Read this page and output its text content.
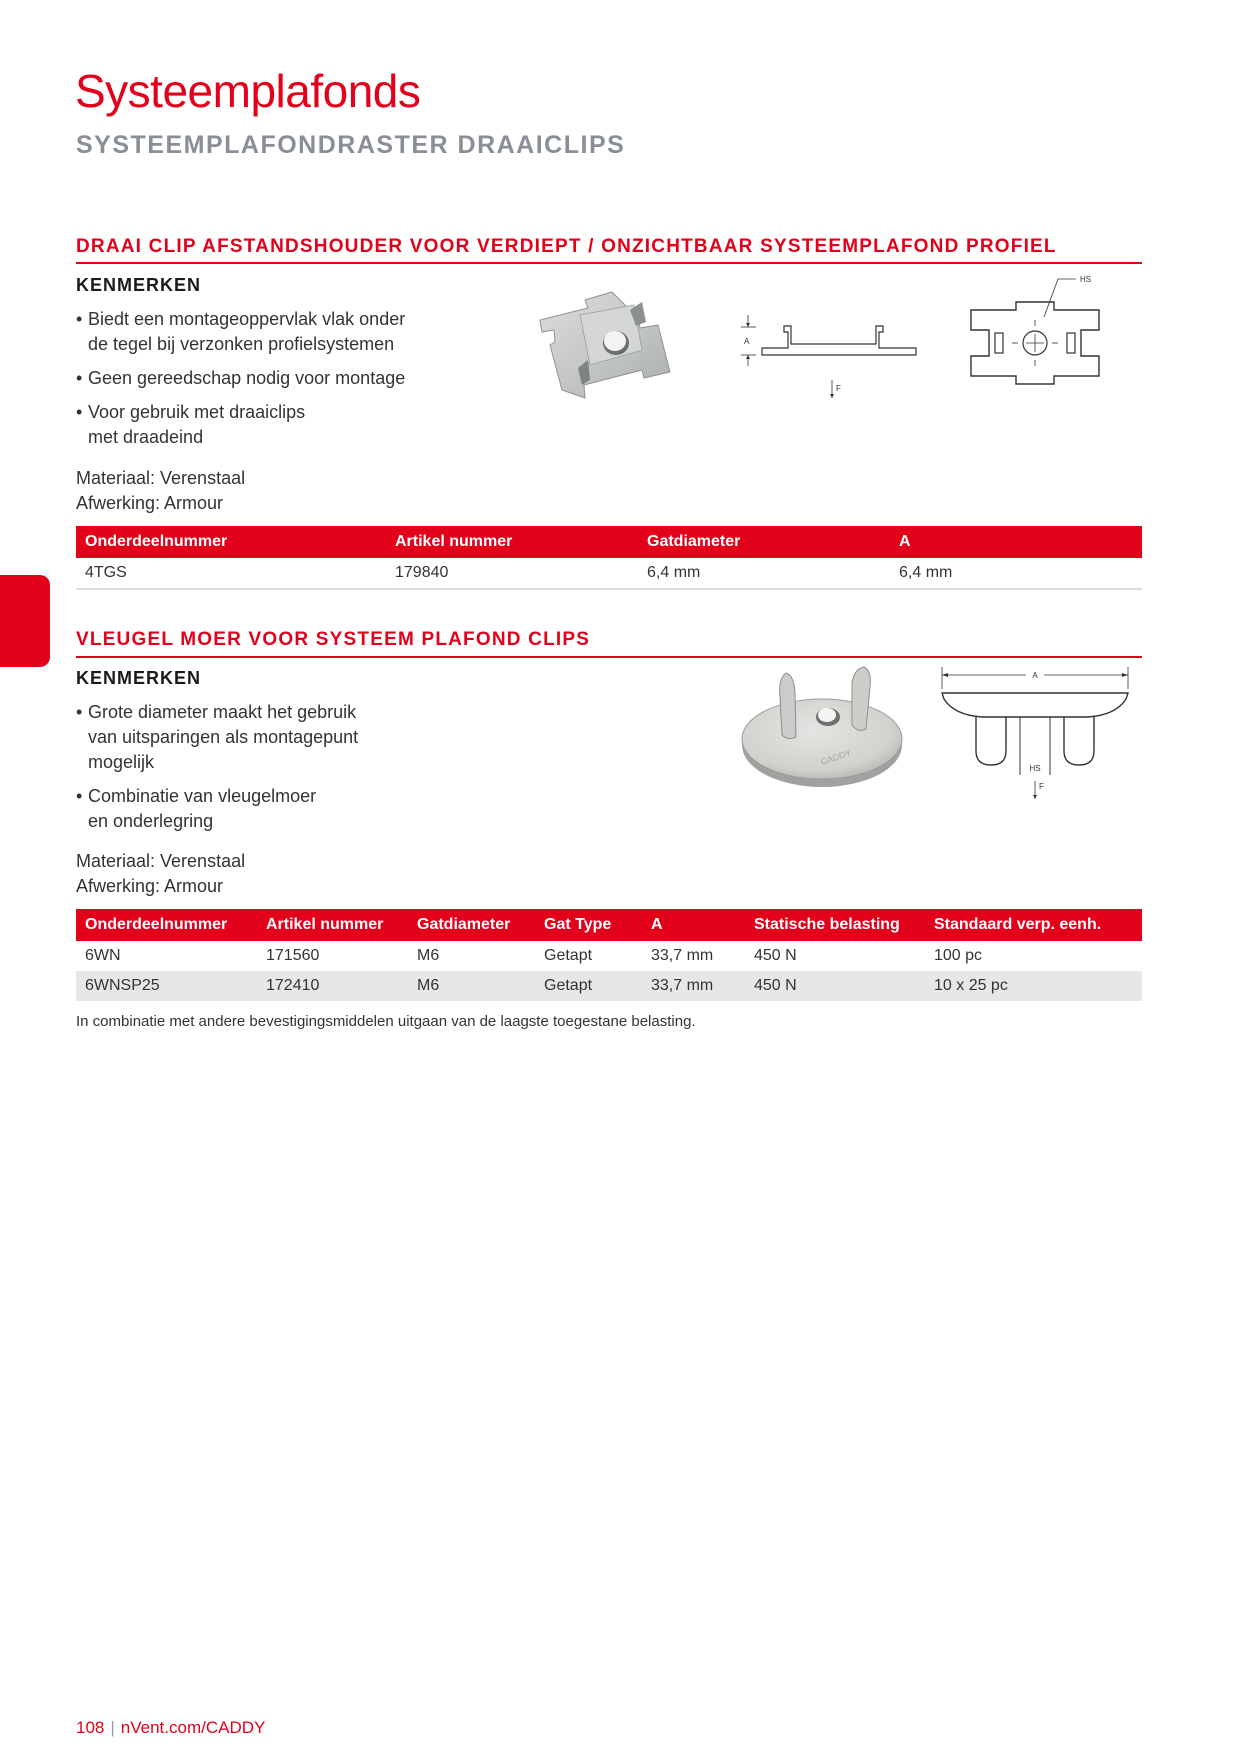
Systeemplafonds
SYSTEEMPLAFONDRASTER DRAAICLIPS
DRAAI CLIP AFSTANDSHOUDER VOOR VERDIEPT / ONZICHTBAAR SYSTEEMPLAFOND PROFIEL
KENMERKEN
• Biedt een montageoppervlak vlak onder
de tegel bij verzonken profielsystemen
• Geen gereedschap nodig voor montage
• Voor gebruik met draaiclips
met draadeind
Materiaal: Verenstaal
Afwerking: Armour
A
F
HS
Onderdeelnummer	Artikel nummer	Gatdiameter	A
4TGS	179840	6,4 mm	6,4 mm
VLEUGEL MOER VOOR SYSTEEM PLAFOND CLIPS
KENMERKEN
• Grote diameter maakt het gebruik
van uitsparingen als montagepunt
mogelijk
• Combinatie van vleugelmoer
en onderlegring
Materiaal: Verenstaal
Afwerking: Armour
CADDY
A
HS
F
Onderdeelnummer	Artikel nummer	Gatdiameter	Gat Type	A	Statische belasting	Standaard verp. eenh.
6WN	171560	M6	Getapt	33,7 mm	450 N	100 pc
6WNSP25	172410	M6	Getapt	33,7 mm	450 N	10 x 25 pc
In combinatie met andere bevestigingsmiddelen uitgaan van de laagste toegestane belasting.
108 | nVent.com/CADDY
